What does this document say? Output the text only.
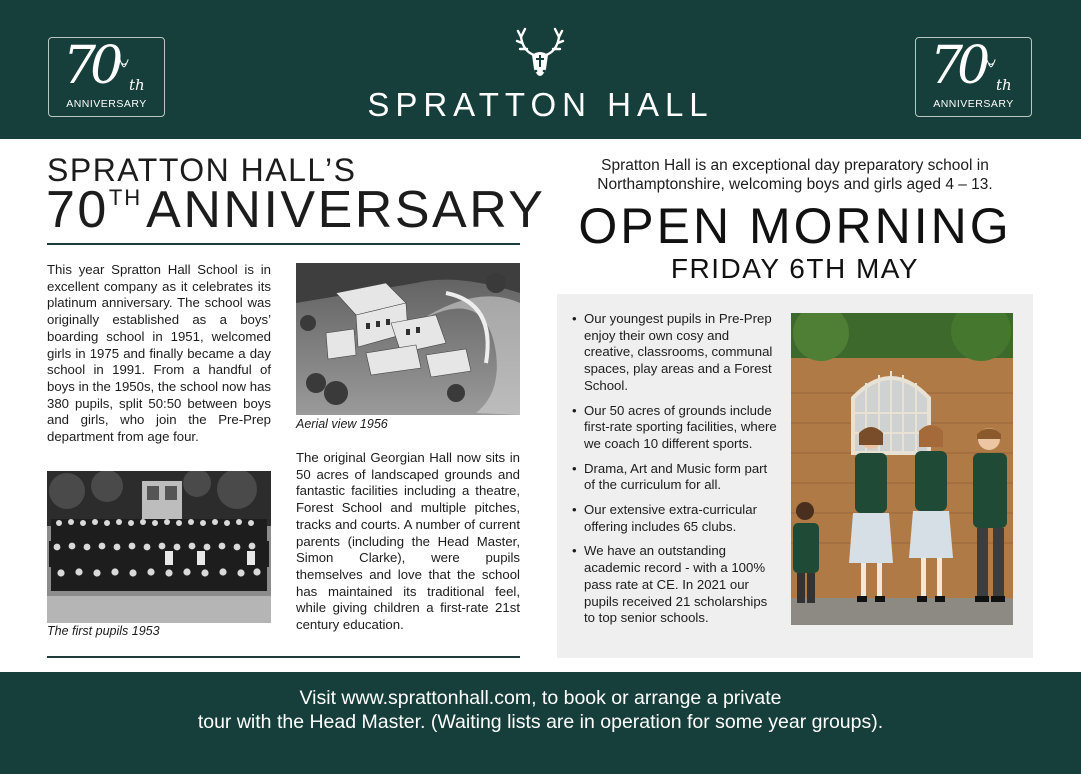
70 th
ANNIVERSARY
70 th
ANNIVERSARY
SPRATTON HALL
SPRATTON HALL’S
70THANNIVERSARY

This year Spratton Hall School is in excellent company as it celebrates its platinum anniversary. The school was originally established as a boys’ boarding school in 1951, welcomed girls in 1975 and finally became a day school in 1991. From a handful of boys in the 1950s, the school now has 380 pupils, split 50:50 between boys and girls, who join the Pre-Prep department from age four.

Aerial view 1956
The first pupils 1953

The original Georgian Hall now sits in 50 acres of landscaped grounds and fantastic facilities including a theatre, Forest School and multiple pitches, tracks and courts. A number of current parents (including the Head Master, Simon Clarke), were pupils themselves and love that the school has maintained its traditional feel, while giving children a first-rate 21st century education.

Spratton Hall is an exceptional day preparatory school in Northamptonshire, welcoming boys and girls aged 4 – 13.
OPEN MORNING
FRIDAY 6TH MAY
• Our youngest pupils in Pre-Prep enjoy their own cosy and creative, classrooms, communal spaces, play areas and a Forest School.
• Our 50 acres of grounds include first-rate sporting facilities, where we coach 10 different sports.
• Drama, Art and Music form part of the curriculum for all.
• Our extensive extra-curricular offering includes 65 clubs.
• We have an outstanding academic record - with a 100% pass rate at CE. In 2021 our pupils received 21 scholarships to top senior schools.
Visit www.sprattonhall.com, to book or arrange a private
tour with the Head Master. (Waiting lists are in operation for some year groups).
